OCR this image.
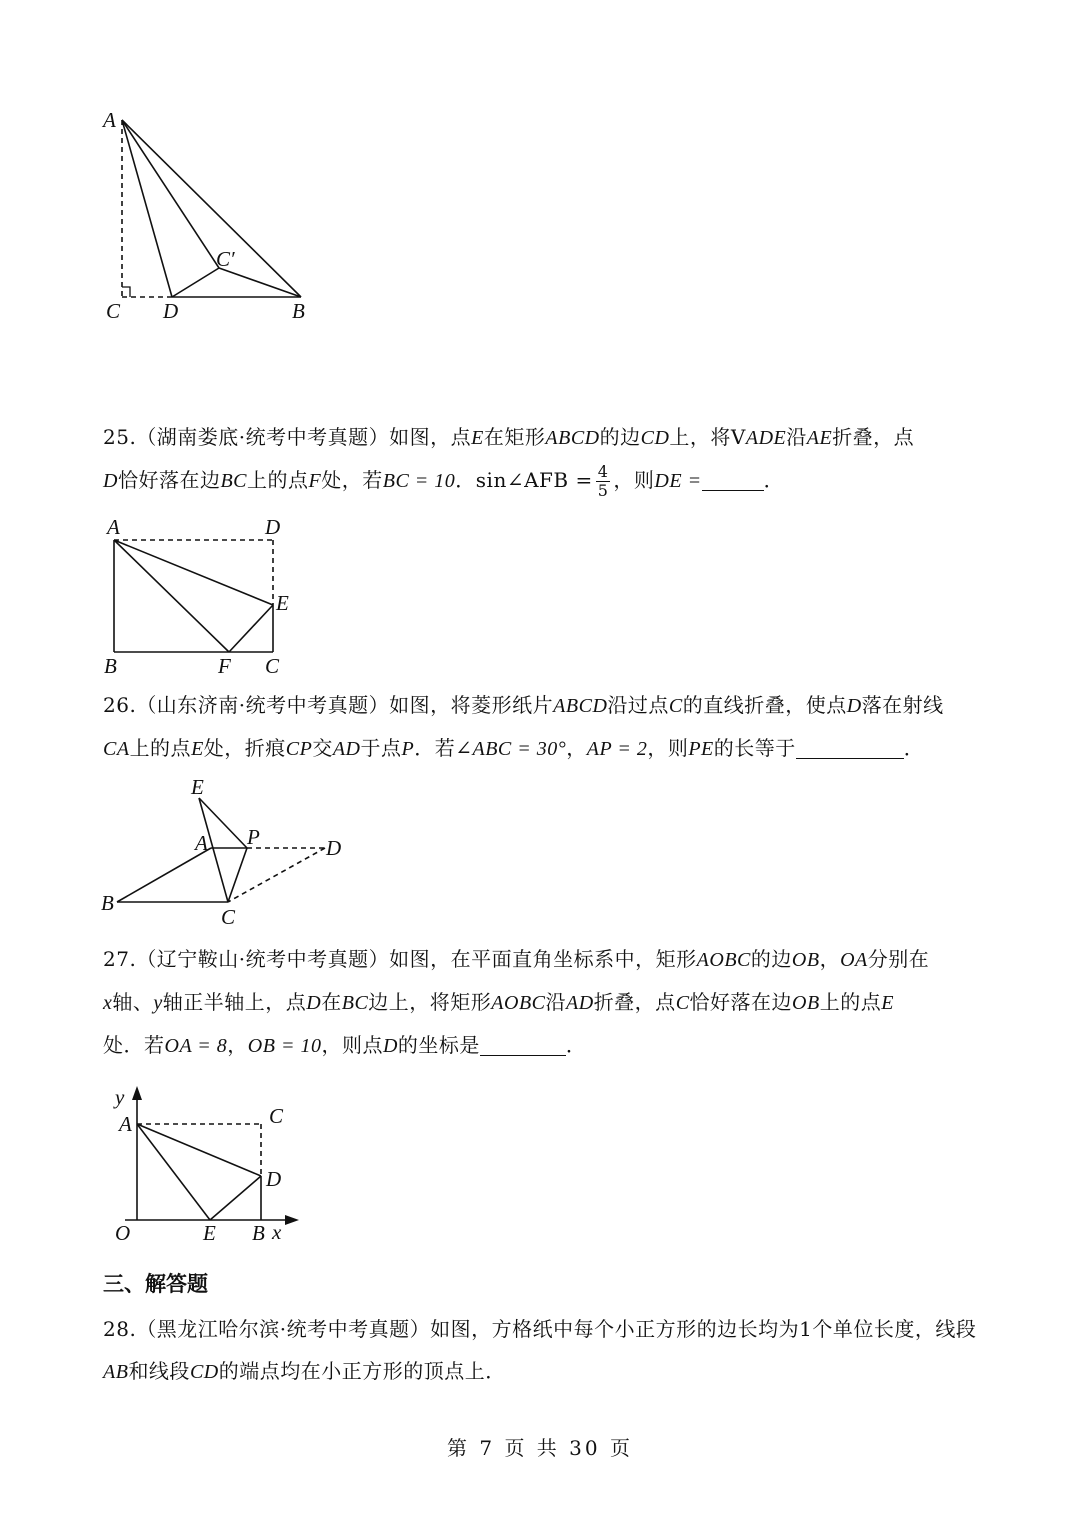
A
C′
C D	B
25.（湖南娄底·统考中考真题）如图，点E在矩形ABCD的边CD上，将VADE沿AE折叠，点
D恰好落在边BC上的点F处，若BC = 10．sin∠AFB = $\frac{4}{5}$ ，则DE =	．
A	D
E
B	F C
26.（山东济南·统考中考真题）如图，将菱形纸片ABCD沿过点C的直线折叠，使点D落在射线
CA上的点E处，折痕CP交AD于点P．若∠ABC = 30°，AP = 2，则PE的长等于	．
E
A P	D
B
C
27.（辽宁鞍山·统考中考真题）如图，在平面直角坐标系中，矩形AOBC的边OB，OA分别在
x轴、y轴正半轴上，点D在BC边上，将矩形AOBC沿AD折叠，点C恰好落在边OB上的点E
处．若OA = 8，OB = 10，则点D的坐标是	．
y
A	C
D
O	E B x
三、解答题
28.（黑龙江哈尔滨·统考中考真题）如图，方格纸中每个小正方形的边长均为1个单位长度，线段AB和线段CD的端点均在小正方形的顶点上．
第 7 页 共 30 页
